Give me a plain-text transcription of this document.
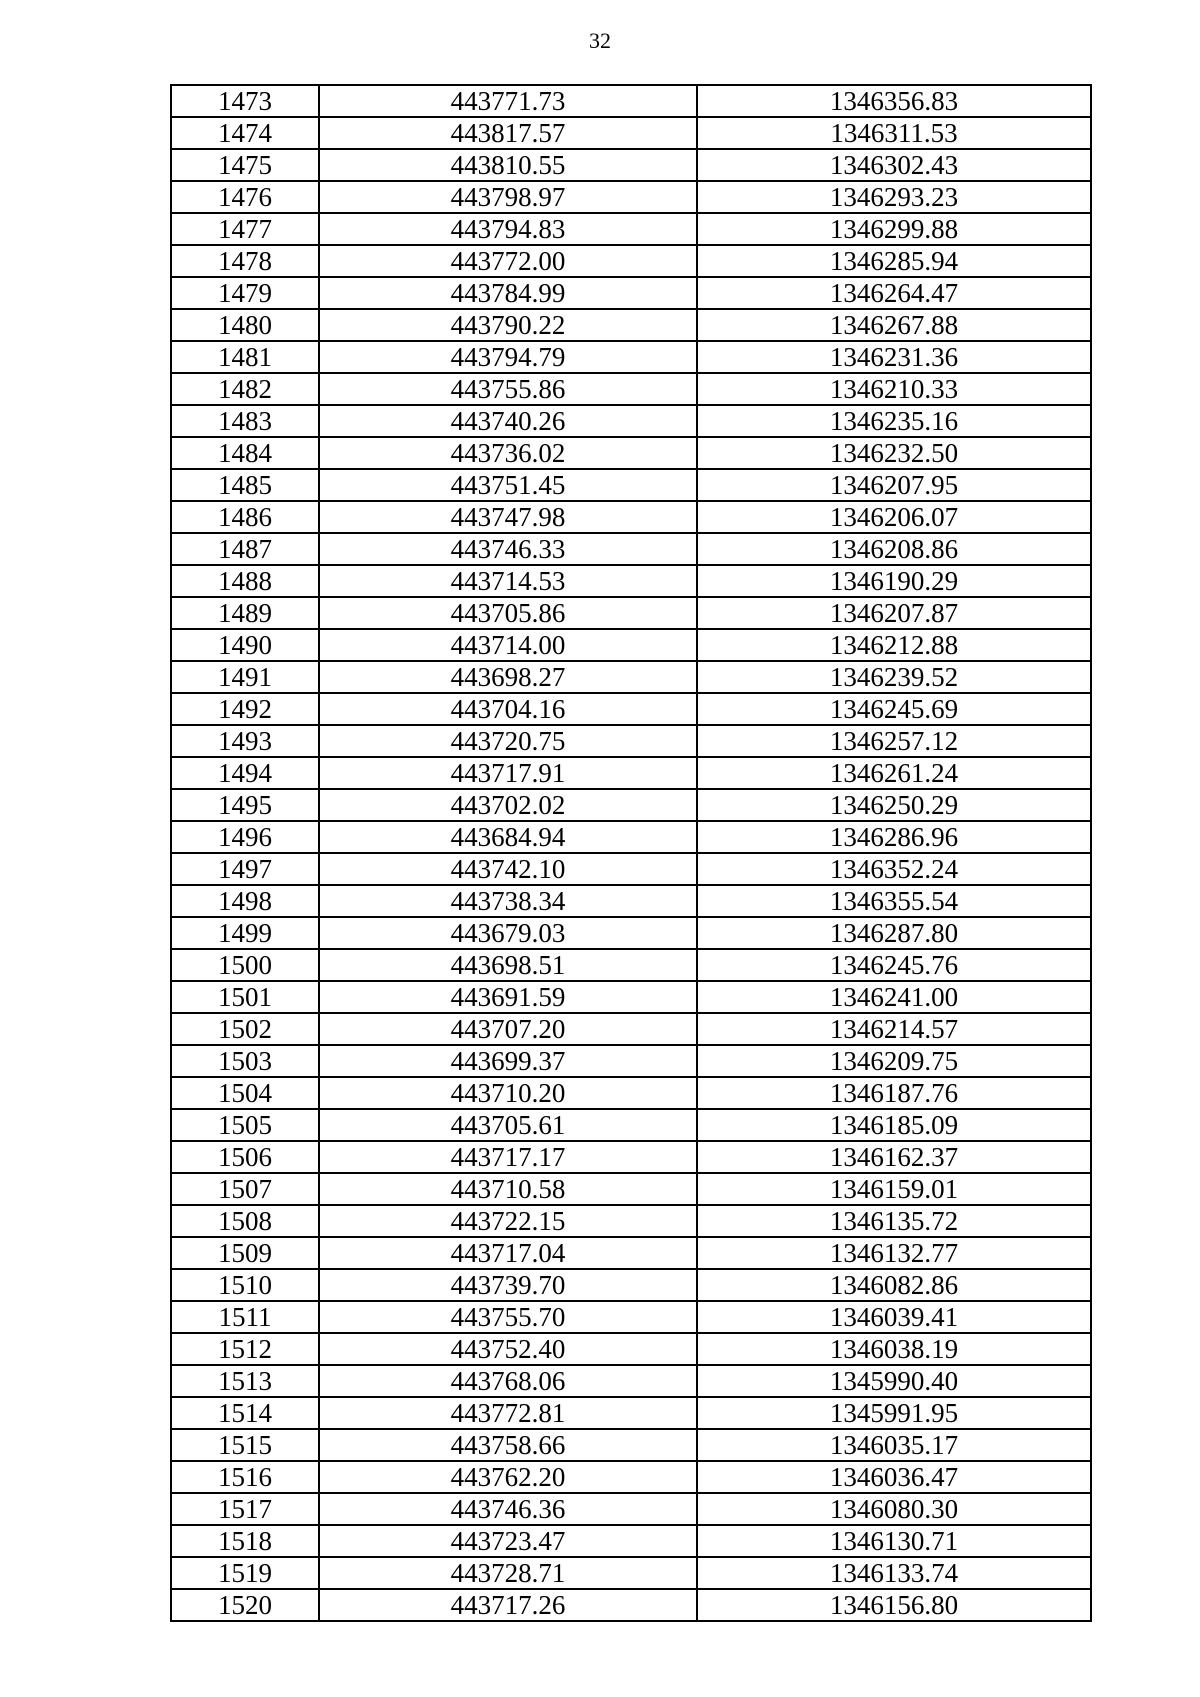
32
1473	443771.73	1346356.83
1474	443817.57	1346311.53
1475	443810.55	1346302.43
1476	443798.97	1346293.23
1477	443794.83	1346299.88
1478	443772.00	1346285.94
1479	443784.99	1346264.47
1480	443790.22	1346267.88
1481	443794.79	1346231.36
1482	443755.86	1346210.33
1483	443740.26	1346235.16
1484	443736.02	1346232.50
1485	443751.45	1346207.95
1486	443747.98	1346206.07
1487	443746.33	1346208.86
1488	443714.53	1346190.29
1489	443705.86	1346207.87
1490	443714.00	1346212.88
1491	443698.27	1346239.52
1492	443704.16	1346245.69
1493	443720.75	1346257.12
1494	443717.91	1346261.24
1495	443702.02	1346250.29
1496	443684.94	1346286.96
1497	443742.10	1346352.24
1498	443738.34	1346355.54
1499	443679.03	1346287.80
1500	443698.51	1346245.76
1501	443691.59	1346241.00
1502	443707.20	1346214.57
1503	443699.37	1346209.75
1504	443710.20	1346187.76
1505	443705.61	1346185.09
1506	443717.17	1346162.37
1507	443710.58	1346159.01
1508	443722.15	1346135.72
1509	443717.04	1346132.77
1510	443739.70	1346082.86
1511	443755.70	1346039.41
1512	443752.40	1346038.19
1513	443768.06	1345990.40
1514	443772.81	1345991.95
1515	443758.66	1346035.17
1516	443762.20	1346036.47
1517	443746.36	1346080.30
1518	443723.47	1346130.71
1519	443728.71	1346133.74
1520	443717.26	1346156.80
